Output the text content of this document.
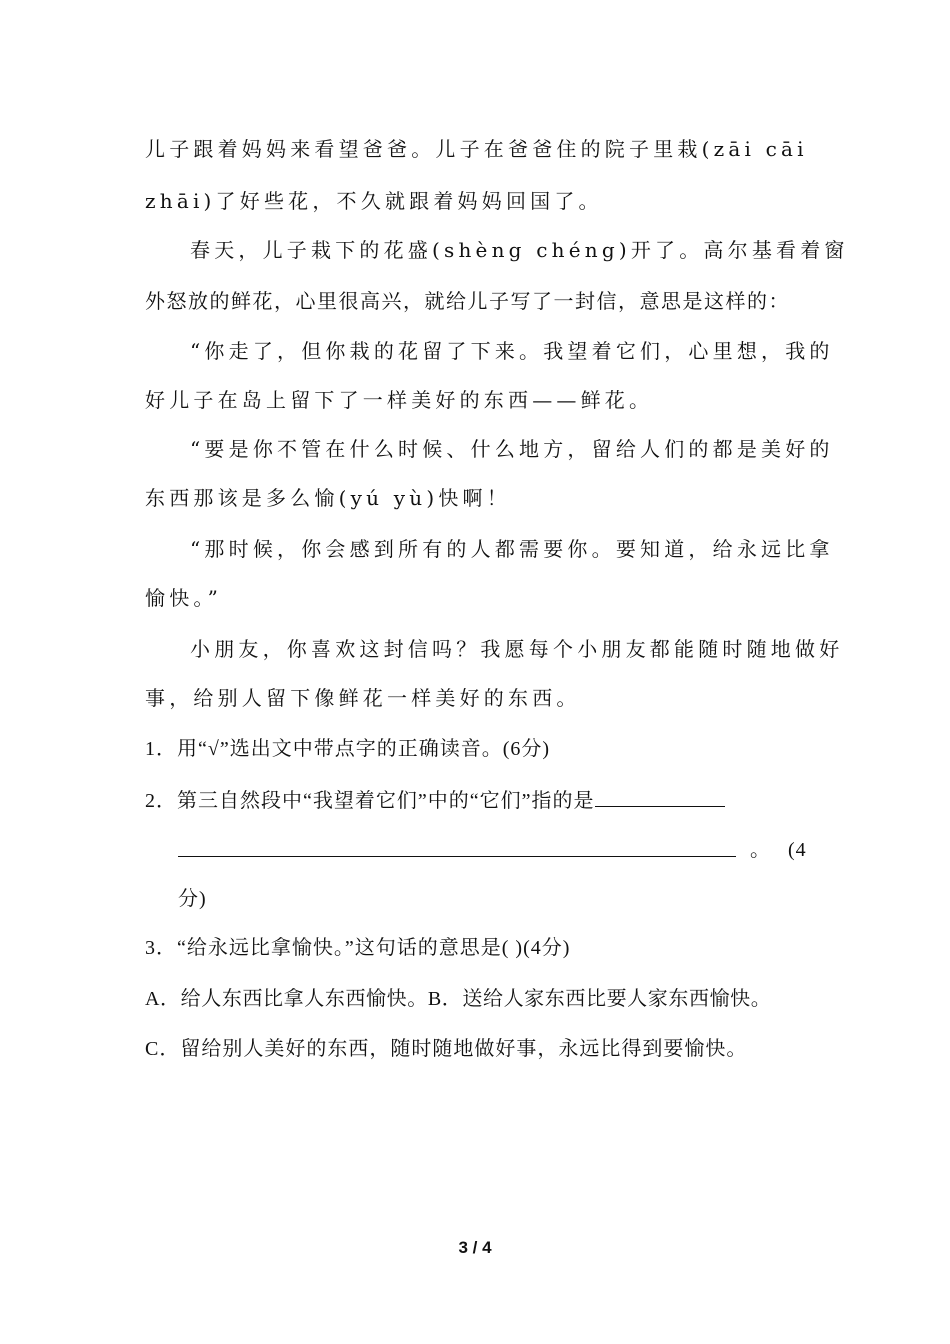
儿子跟着妈妈来看望爸爸。儿子在爸爸住的院子里栽(zāi cāi
zhāi)了好些花，不久就跟着妈妈回国了。
春天，儿子栽下的花盛(shèng chéng)开了。高尔基看着窗
外怒放的鲜花，心里很高兴，就给儿子写了一封信，意思是这样的：
“你走了，但你栽的花留了下来。我望着它们，心里想，我的
好儿子在岛上留下了一样美好的东西——鲜花。
“要是你不管在什么时候、什么地方，留给人们的都是美好的
东西那该是多么愉(yú yù)快啊！
“那时候，你会感到所有的人都需要你。要知道，给永远比拿
愉快。”
小朋友，你喜欢这封信吗？我愿每个小朋友都能随时随地做好
事，给别人留下像鲜花一样美好的东西。
1．用“√”选出文中带点字的正确读音。(6分)
2．第三自然段中“我望着它们”中的“它们”指的是
。 (4
分)
3．“给永远比拿愉快。”这句话的意思是( )(4分)
A．给人东西比拿人东西愉快。B．送给人家东西比要人家东西愉快。
C．留给别人美好的东西，随时随地做好事，永远比得到要愉快。
3 / 4
